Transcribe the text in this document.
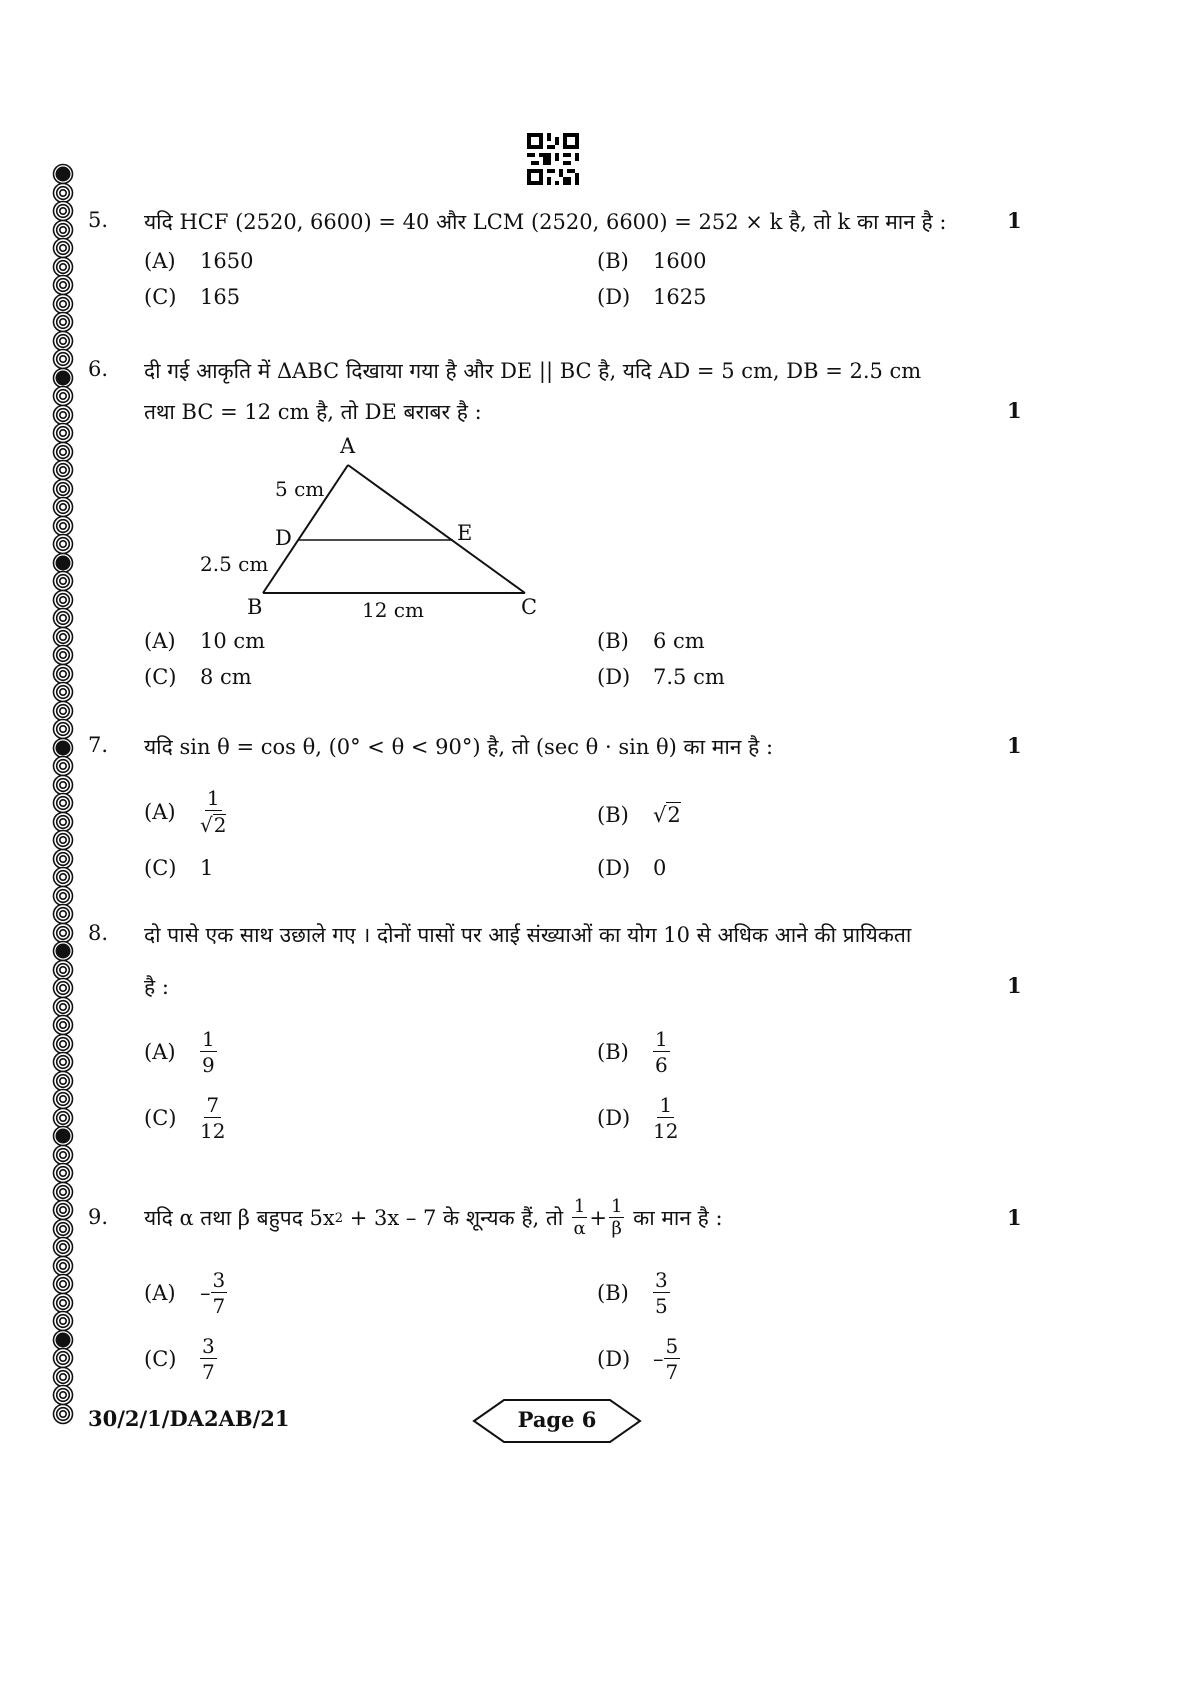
5. यदि HCF (2520, 6600) = 40 और LCM (2520, 6600) = 252 × k है, तो k का मान है :	1
(A)	1650	(B)	1600
(C)	165	(D)	1625
6. दी गई आकृति में ΔABC दिखाया गया है और DE || BC है, यदि AD = 5 cm, DB = 2.5 cm
तथा BC = 12 cm है, तो DE बराबर है :	1
A
5 cm
D	E
2.5 cm
B	12 cm	C
(A)	10 cm	(B)	6 cm
(C)	8 cm	(D)	7.5 cm
7. यदि sin θ = cos θ, (0° < θ < 90°) है, तो (sec θ · sin θ) का मान है :	1
(A)	$\frac{1}{√ 2}$	(B)	√ 2
(C)	1	(D)	0
8. दो पासे एक साथ उछाले गए । दोनों पासों पर आई संख्याओं का योग 10 से अधिक आने की प्रायिकता
है :	1
(A)	$\frac{1}{9}$	(B)	$\frac{1}{6}$
(C)	$\frac{7}{12}$	(D)	$\frac{1}{12}$
9. यदि α तथा β बहुपद 5x 2 + 3x – 7 के शून्यक हैं, तो $\frac{1}{\alpha} + \frac{1}{\beta}$ का मान है :	1
(A)	– $\frac{3}{7}$	(B)	$\frac{3}{5}$
(C)	$\frac{3}{7}$	(D)	– $\frac{5}{7}$
30/2/1/DA2AB/21	Page 6
